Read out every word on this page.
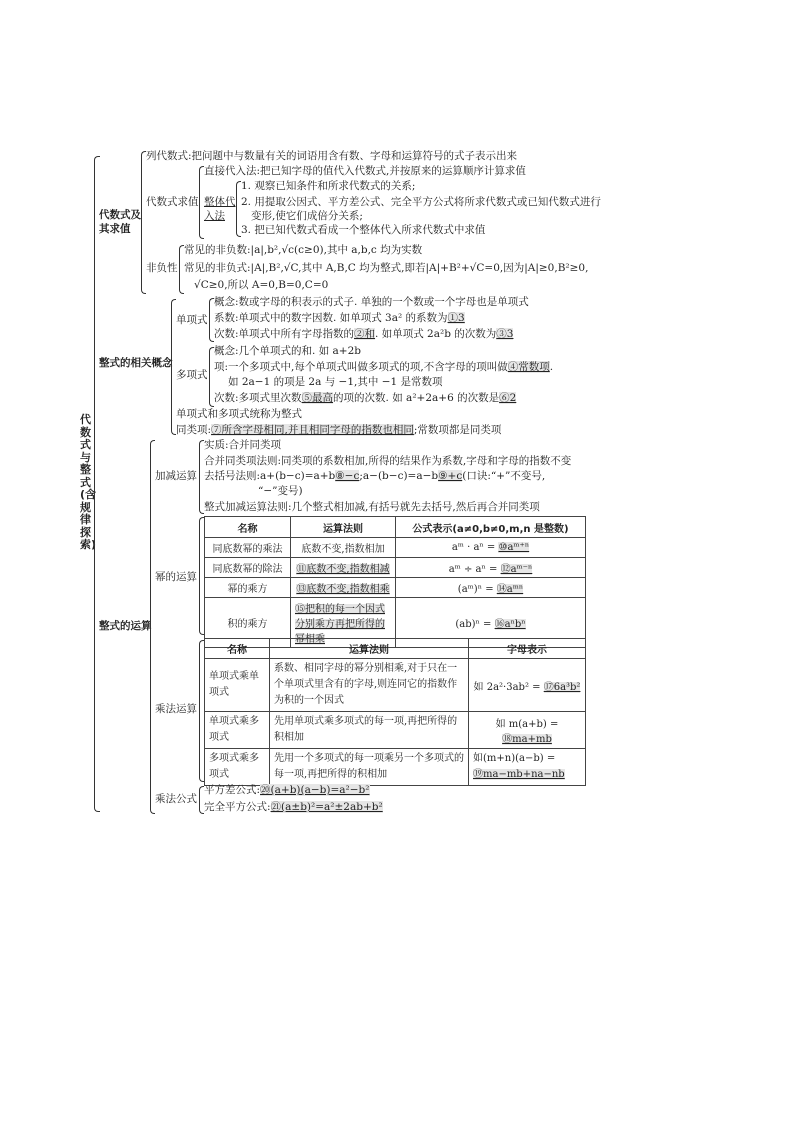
代数式与整式(含规律探索)
代数式及
其求值
列代数式:把问题中与数量有关的词语用含有数、字母和运算符号的式子表示出来
代数式求值
直接代入法:把已知字母的值代入代数式,并按原来的运算顺序计算求值
整体代
入法
1. 观察已知条件和所求代数式的关系;
2. 用提取公因式、平方差公式、完全平方公式将所求代数式或已知代数式进行
变形,使它们成倍分关系;
3. 把已知代数式看成一个整体代入所求代数式中求值
非负性
常见的非负数:|a|,b²,√c(c≥0),其中 a,b,c 均为实数
常见的非负式:|A|,B²,√C,其中 A,B,C 均为整式,即若|A|+B²+√C=0,因为|A|≥0,B²≥0,
√C≥0,所以 A=0,B=0,C=0
整式的相关概念
单项式
概念:数或字母的积表示的式子. 单独的一个数或一个字母也是单项式
系数:单项式中的数字因数. 如单项式 3a² 的系数为①3
次数:单项式中所有字母指数的②和. 如单项式 2a²b 的次数为③3
多项式
概念:几个单项式的和. 如 a+2b
项:一个多项式中,每个单项式叫做多项式的项,不含字母的项叫做④常数项.
如 2a−1 的项是 2a 与 −1,其中 −1 是常数项
次数:多项式里次数⑤最高的项的次数. 如 a²+2a+6 的次数是⑥2
单项式和多项式统称为整式
同类项:⑦所含字母相同,并且相同字母的指数也相同;常数项都是同类项
整式的运算
加减运算
实质:合并同类项
合并同类项法则:同类项的系数相加,所得的结果作为系数,字母和字母的指数不变
去括号法则:a+(b−c)=a+b⑧−c;a−(b−c)=a−b⑨+c(口诀:“+”不变号,
“−”变号)
整式加减运算法则:几个整式相加减,有括号就先去括号,然后再合并同类项
幂的运算
名称	运算法则	公式表示(a≠0,b≠0,m,n 是整数)
同底数幂的乘法	底数不变,指数相加	aᵐ · aⁿ = ⑩aᵐ⁺ⁿ
同底数幂的除法	⑪底数不变,指数相减	aᵐ ÷ aⁿ = ⑫aᵐ⁻ⁿ
幂的乘方	⑬底数不变,指数相乘	(aᵐ)ⁿ = ⑭aᵐⁿ
积的乘方	⑮把积的每一个因式分别乘方再把所得的幂相乘	(ab)ⁿ = ⑯aⁿbⁿ
乘法运算
名称	运算法则	字母表示
单项式乘单项式	系数、相同字母的幂分别相乘,对于只在一个单项式里含有的字母,则连同它的指数作为积的一个因式	如 2a²·3ab² = ⑰6a³b²
单项式乘多项式	先用单项式乘多项式的每一项,再把所得的积相加	如 m(a+b) = ⑱ma+mb
多项式乘多项式	先用一个多项式的每一项乘另一个多项式的每一项,再把所得的积相加	如(m+n)(a−b) = ⑲ma−mb+na−nb
乘法公式
平方差公式:⑳(a+b)(a−b)=a²−b²
完全平方公式:㉑(a±b)²=a²±2ab+b²
